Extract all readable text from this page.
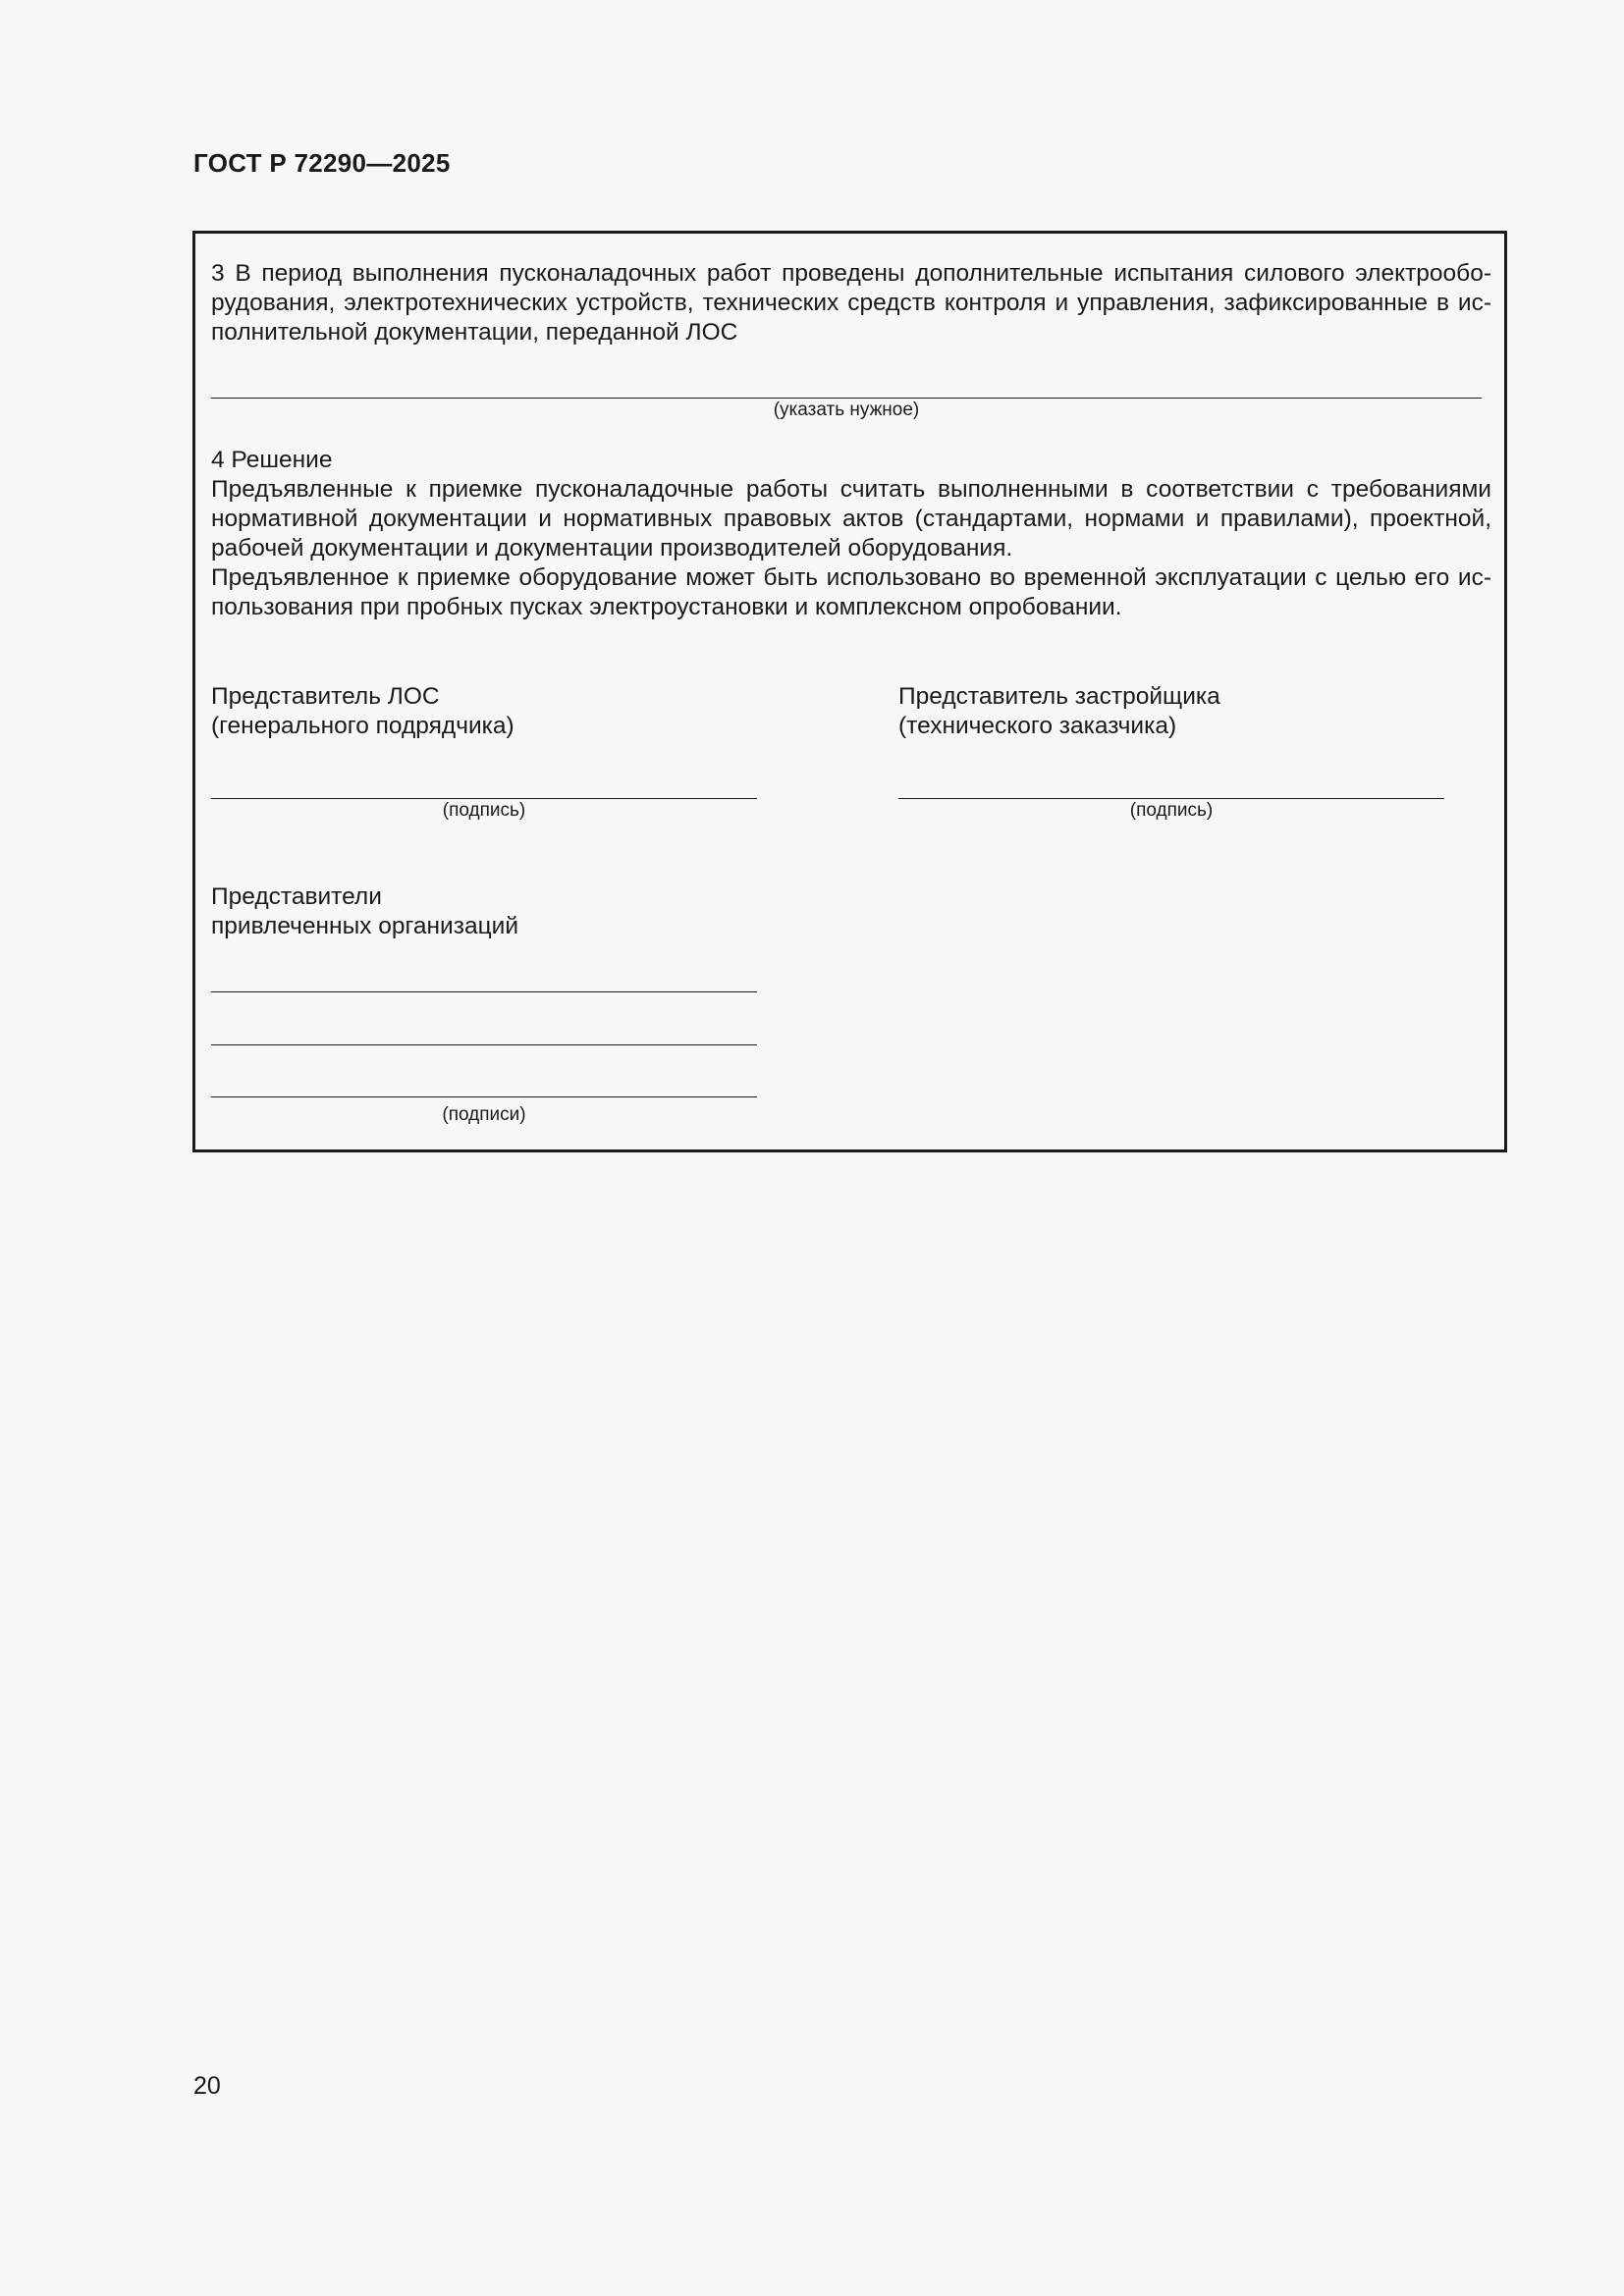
ГОСТ Р 72290—2025
3 В период выполнения пусконаладочных работ проведены дополнительные испытания силового электрообо-
рудования, электротехнических устройств, технических средств контроля и управления, зафиксированные в ис-
полнительной документации, переданной ЛОС
(указать нужное)
4 Решение
Предъявленные к приемке пусконаладочные работы считать выполненными в соответствии с требованиями
нормативной документации и нормативных правовых актов (стандартами, нормами и правилами), проектной,
рабочей документации и документации производителей оборудования.
Предъявленное к приемке оборудование может быть использовано во временной эксплуатации с целью его ис-
пользования при пробных пусках электроустановки и комплексном опробовании.
Представитель ЛОС
(генерального подрядчика)
(подпись)
Представитель застройщика
(технического заказчика)
(подпись)
Представители
привлеченных организаций
(подписи)
20
